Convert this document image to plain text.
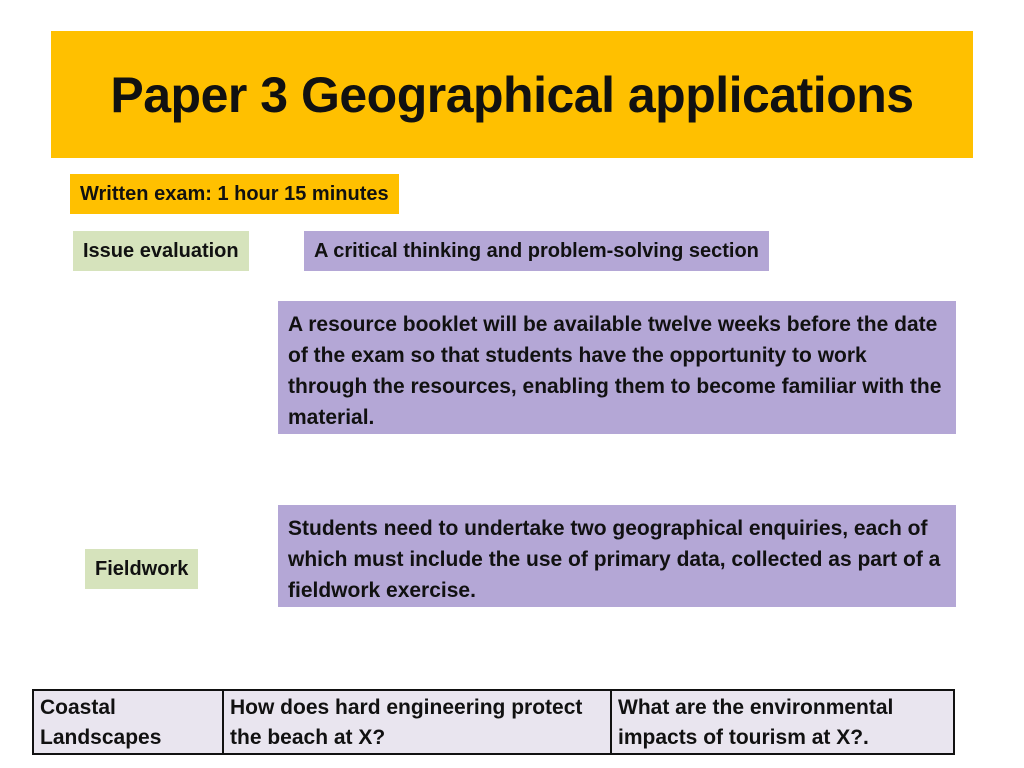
Paper 3 Geographical applications
Written exam: 1 hour 15 minutes
Issue evaluation	A critical thinking and problem-solving section
A resource booklet will be available twelve weeks before the date of the exam so that students have the opportunity to work through the resources, enabling them to become familiar with the material.
Fieldwork
Students need to undertake two geographical enquiries, each of which must include the use of primary data, collected as part of a fieldwork exercise.
Coastal Landscapes	How does hard engineering protect the beach at X?	What are the environmental impacts of tourism at X?.
